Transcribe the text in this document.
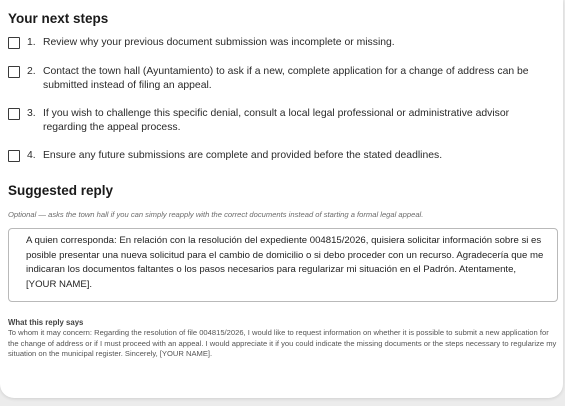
Your next steps
1. Review why your previous document submission was incomplete or missing.
2. Contact the town hall (Ayuntamiento) to ask if a new, complete application for a change of address can be submitted instead of filing an appeal.
3. If you wish to challenge this specific denial, consult a local legal professional or administrative advisor regarding the appeal process.
4. Ensure any future submissions are complete and provided before the stated deadlines.
Suggested reply
Optional — asks the town hall if you can simply reapply with the correct documents instead of starting a formal legal appeal.
A quien corresponda: En relación con la resolución del expediente 004815/2026, quisiera solicitar información sobre si es posible presentar una nueva solicitud para el cambio de domicilio o si debo proceder con un recurso. Agradecería que me indicaran los documentos faltantes o los pasos necesarios para regularizar mi situación en el Padrón. Atentamente, [YOUR NAME].
What this reply says
To whom it may concern: Regarding the resolution of file 004815/2026, I would like to request information on whether it is possible to submit a new application for the change of address or if I must proceed with an appeal. I would appreciate it if you could indicate the missing documents or the steps necessary to regularize my situation on the municipal register. Sincerely, [YOUR NAME].
